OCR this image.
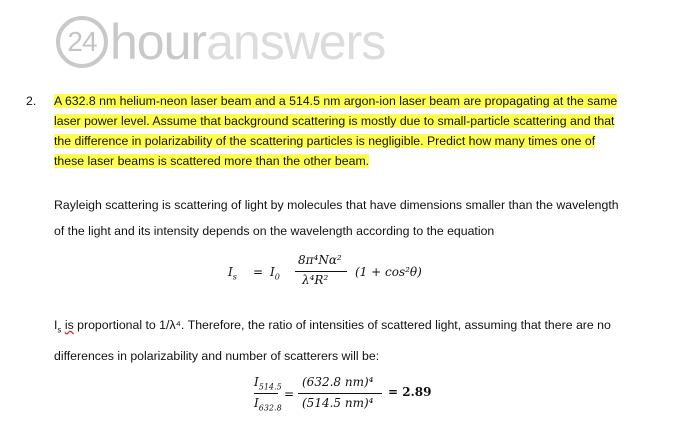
24 hour answers
2. A 632.8 nm helium-neon laser beam and a 514.5 nm argon-ion laser beam are propagating at the same laser power level. Assume that background scattering is mostly due to small-particle scattering and that the difference in polarizability of the scattering particles is negligible. Predict how many times one of these laser beams is scattered more than the other beam.
Rayleigh scattering is scattering of light by molecules that have dimensions smaller than the wavelength of the light and its intensity depends on the wavelength according to the equation
$I_s = I_0$
8π⁴Nα²
λ⁴R²
(1 + cos²θ)
$I_s$ is proportional to 1/λ⁴. Therefore, the ratio of intensities of scattered light, assuming that there are no differences in polarizability and number of scatterers will be:
$I_{514.5}$
$I_{632.8}$
=
(632.8 nm)⁴
(514.5 nm)⁴
= 2.89
